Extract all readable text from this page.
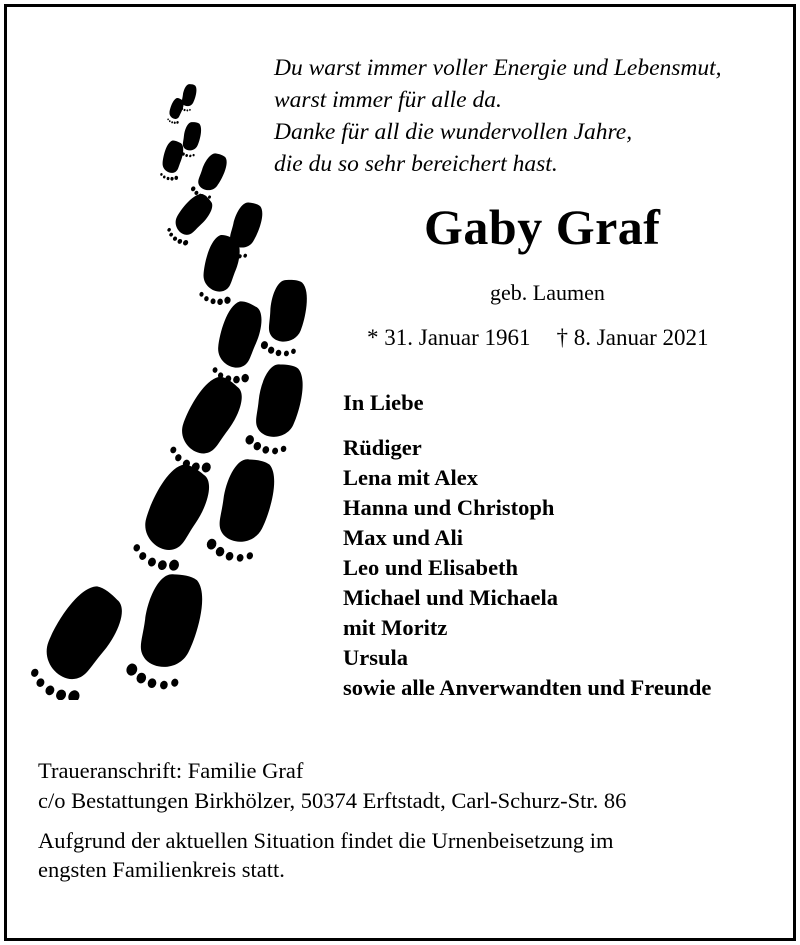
Du warst immer voller Energie und Lebensmut,
warst immer für alle da.
Danke für all die wundervollen Jahre,
die du so sehr bereichert hast.
Gaby Graf
geb. Laumen
* 31. Januar 1961 † 8. Januar 2021
In Liebe
Rüdiger
Lena mit Alex
Hanna und Christoph
Max und Ali
Leo und Elisabeth
Michael und Michaela
mit Moritz
Ursula
sowie alle Anverwandten und Freunde
Traueranschrift: Familie Graf
c/o Bestattungen Birkhölzer, 50374 Erftstadt, Carl-Schurz-Str. 86
Aufgrund der aktuellen Situation findet die Urnenbeisetzung im
engsten Familienkreis statt.
